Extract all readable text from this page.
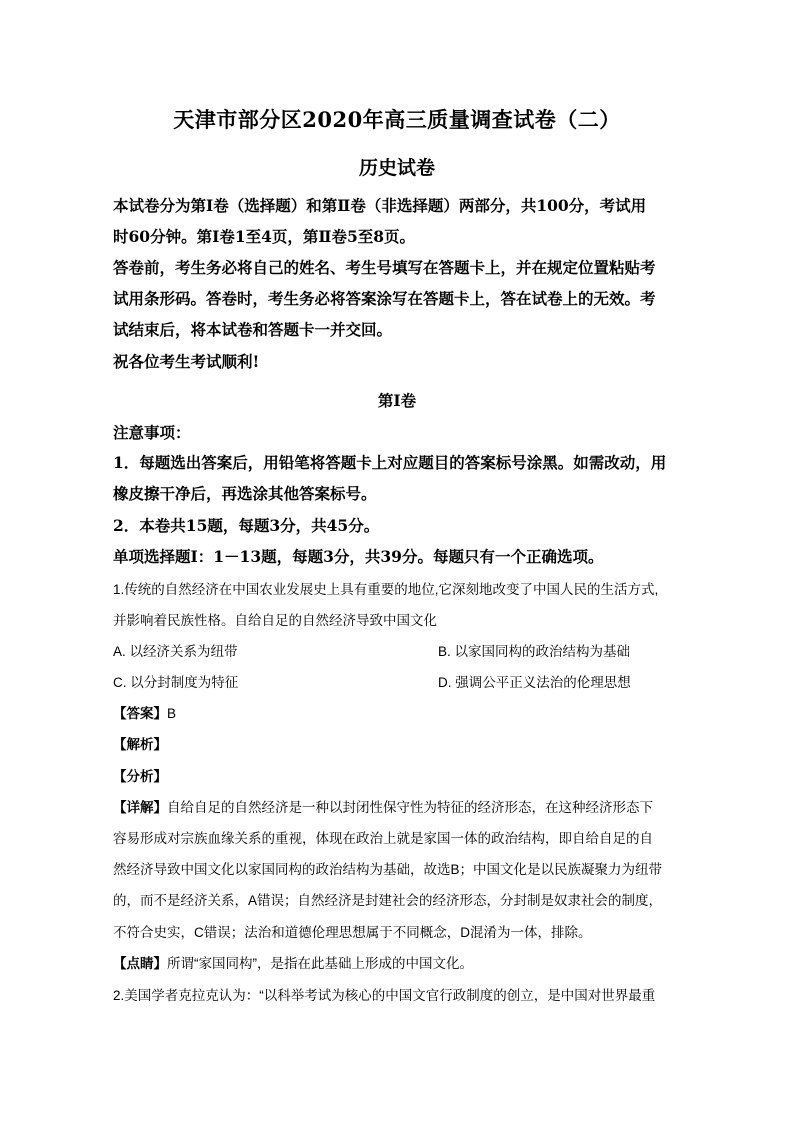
天津市部分区2020年高三质量调查试卷（二）
历史试卷
本试卷分为第Ⅰ卷（选择题）和第Ⅱ卷（非选择题）两部分，共100分，考试用
时60分钟。第Ⅰ卷1至4页，第Ⅱ卷5至8页。
答卷前，考生务必将自己的姓名、考生号填写在答题卡上，并在规定位置粘贴考
试用条形码。答卷时，考生务必将答案涂写在答题卡上，答在试卷上的无效。考
试结束后，将本试卷和答题卡一并交回。
祝各位考生考试顺利!
第Ⅰ卷
注意事项：
1．每题选出答案后，用铅笔将答题卡上对应题目的答案标号涂黑。如需改动，用
橡皮擦干净后，再选涂其他答案标号。
2．本卷共15题，每题3分，共45分。
单项选择题Ⅰ：1－13题，每题3分，共39分。每题只有一个正确选项。
1.传统的自然经济在中国农业发展史上具有重要的地位,它深刻地改变了中国人民的生活方式,
并影响着民族性格。自给自足的自然经济导致中国文化
A. 以经济关系为纽带	B. 以家国同构的政治结构为基础
C. 以分封制度为特征	D. 强调公平正义法治的伦理思想
【答案】B
【解析】
【分析】
【详解】自给自足的自然经济是一种以封闭性保守性为特征的经济形态，在这种经济形态下
容易形成对宗族血缘关系的重视，体现在政治上就是家国一体的政治结构，即自给自足的自
然经济导致中国文化以家国同构的政治结构为基础，故选B；中国文化是以民族凝聚力为纽带
的，而不是经济关系，A错误；自然经济是封建社会的经济形态，分封制是奴隶社会的制度，
不符合史实，C错误；法治和道德伦理思想属于不同概念，D混淆为一体，排除。
【点睛】所谓“家国同构”，是指在此基础上形成的中国文化。
2.美国学者克拉克认为：“以科举考试为核心的中国文官行政制度的创立，是中国对世界最重
